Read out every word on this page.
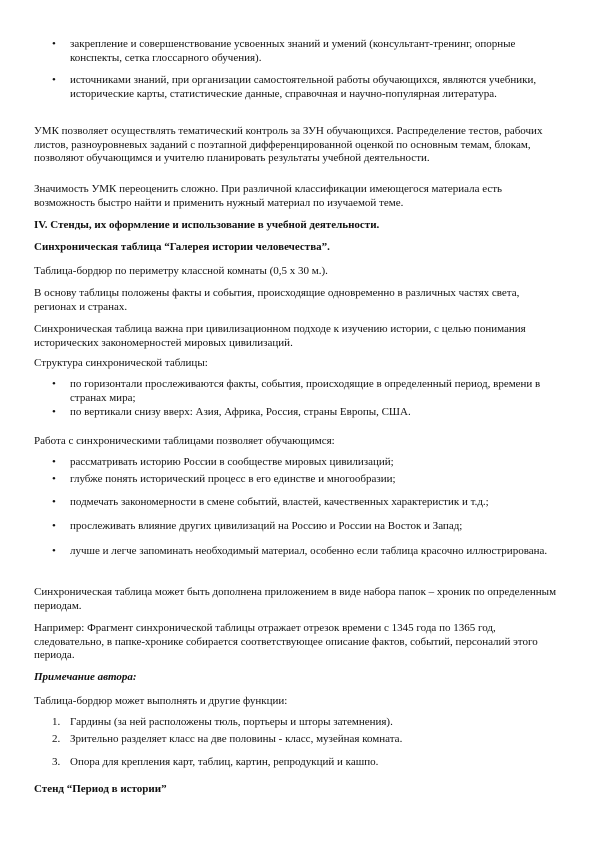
• закрепление и совершенствование усвоенных знаний и умений (консультант-тренинг, опорные конспекты, сетка глоссарного обучения).
• источниками знаний, при организации самостоятельной работы обучающихся, являются учебники, исторические карты, статистические данные, справочная и научно-популярная литература.

УМК позволяет осуществлять тематический контроль за ЗУН обучающихся. Распределение тестов, рабочих листов, разноуровневых заданий с поэтапной дифференцированной оценкой по основным темам, блокам, позволяют обучающимся и учителю планировать результаты учебной деятельности.

Значимость УМК переоценить сложно. При различной классификации имеющегося материала есть возможность быстро найти и применить нужный материал по изучаемой теме.

IV. Стенды, их оформление и использование в учебной деятельности.

Синхроническая таблица “Галерея истории человечества”.

Таблица-бордюр по периметру классной комнаты (0,5 х 30 м.).

В основу таблицы положены факты и события, происходящие одновременно в различных частях света, регионах и странах.

Синхроническая таблица важна при цивилизационном подходе к изучению истории, с целью понимания исторических закономерностей мировых цивилизаций.

Структура синхронической таблицы:

• по горизонтали прослеживаются факты, события, происходящие в определенный период, времени в странах мира;
• по вертикали снизу вверх: Азия, Африка, Россия, страны Европы, США.

Работа с синхроническими таблицами позволяет обучающимся:

• рассматривать историю России в сообществе мировых цивилизаций;
• глубже понять исторический процесс в его единстве и многообразии;
• подмечать закономерности в смене событий, властей, качественных характеристик и т.д.;
• прослеживать влияние других цивилизаций на Россию и России на Восток и Запад;
• лучше и легче запоминать необходимый материал, особенно если таблица красочно иллюстрирована.

Синхроническая таблица может быть дополнена приложением в виде набора папок – хроник по определенным периодам.

Например: Фрагмент синхронической таблицы отражает отрезок времени с 1345 года по 1365 год, следовательно, в папке-хронике собирается соответствующее описание фактов, событий, персоналий этого периода.

Примечание автора:

Таблица-бордюр может выполнять и другие функции:

1. Гардины (за ней расположены тюль, портьеры и шторы затемнения).
2. Зрительно разделяет класс на две половины - класс, музейная комната.
3. Опора для крепления карт, таблиц, картин, репродукций и кашпо.

Стенд “Период в истории”
